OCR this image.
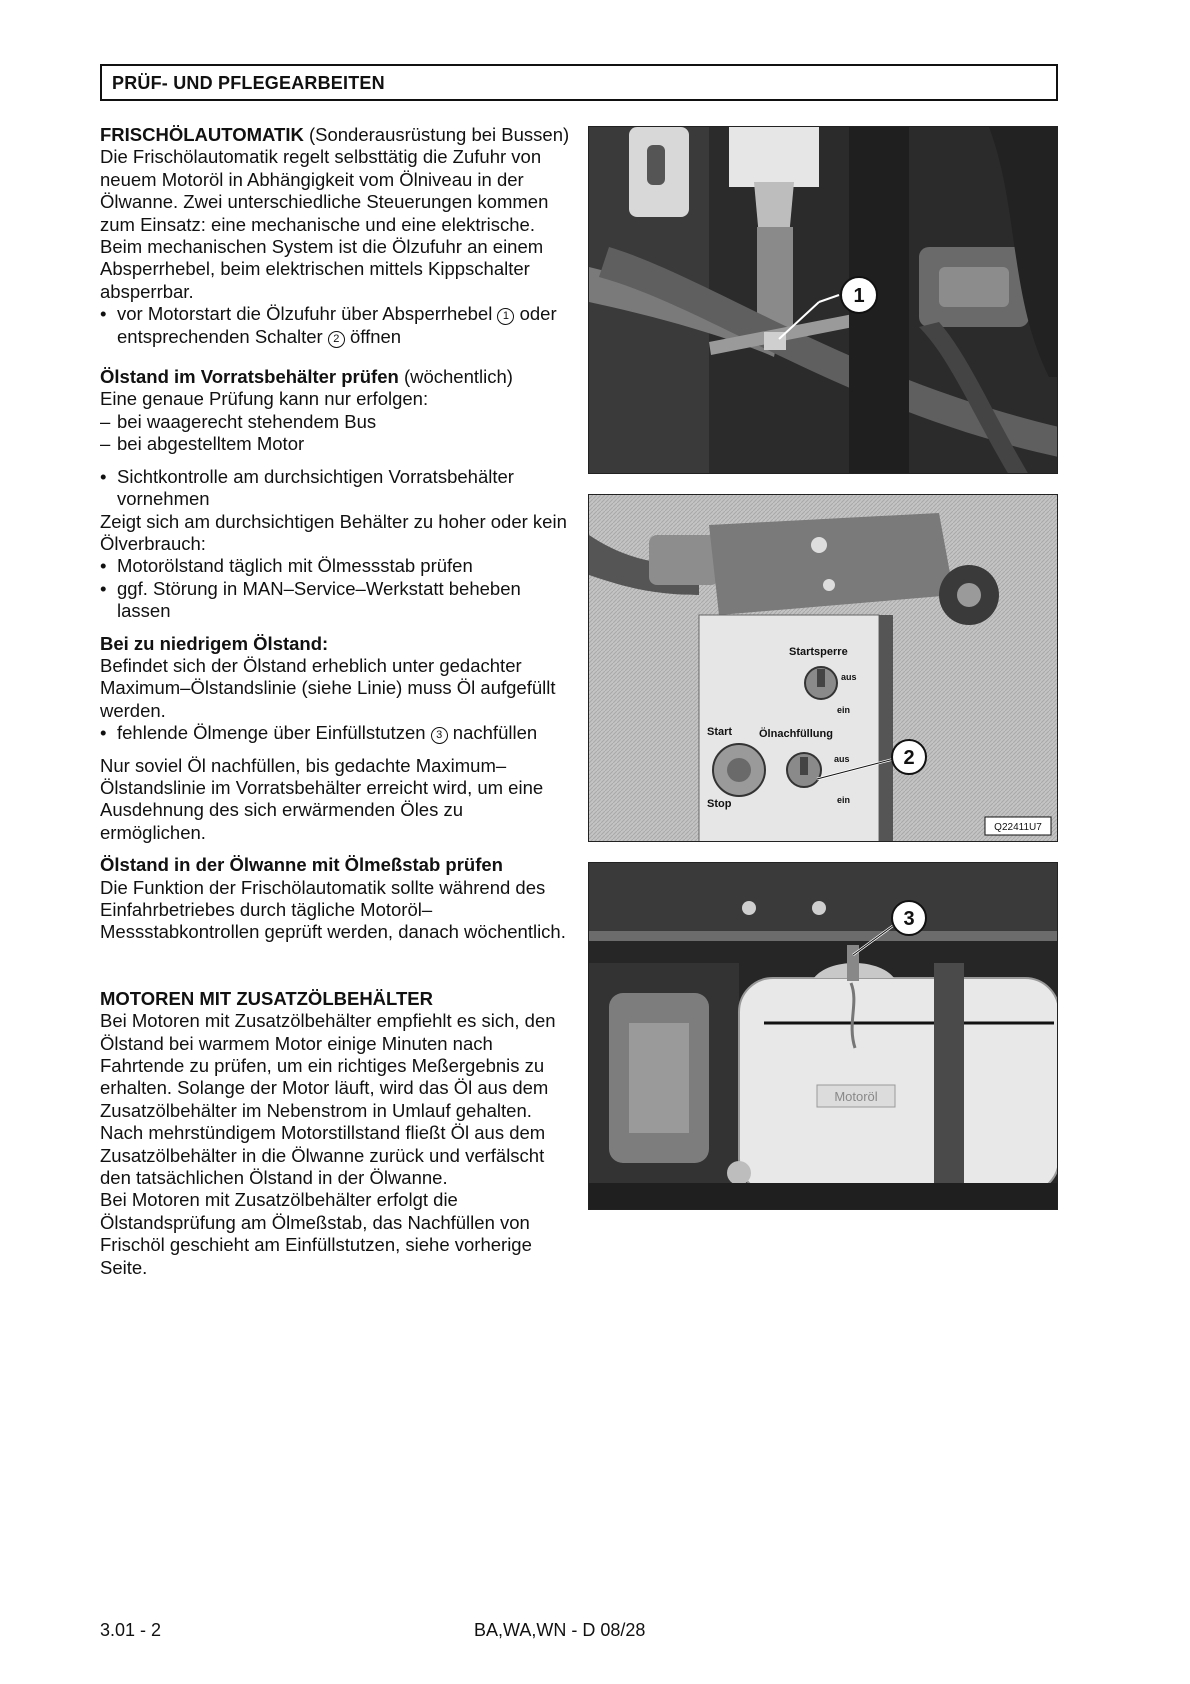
PRÜF- UND PFLEGEARBEITEN

FRISCHÖLAUTOMATIK (Sonderausrüstung bei Bussen)

Die Frischölautomatik regelt selbsttätig die Zufuhr von neuem Motoröl in Abhängigkeit vom Ölniveau in der Ölwanne. Zwei unterschiedliche Steuerungen kommen zum Einsatz: eine mechanische und eine elektrische. Beim mechanischen System ist die Ölzufuhr an einem Absperrhebel, beim elektrischen mittels Kippschalter absperrbar.

• vor Motorstart die Ölzufuhr über Absperrhebel 1 oder entsprechenden Schalter 2 öffnen

Ölstand im Vorratsbehälter prüfen (wöchentlich)

Eine genaue Prüfung kann nur erfolgen:

– bei waagerecht stehendem Bus

– bei abgestelltem Motor

• Sichtkontrolle am durchsichtigen Vorratsbehälter vornehmen

Zeigt sich am durchsichtigen Behälter zu hoher oder kein Ölverbrauch:

• Motorölstand täglich mit Ölmessstab prüfen

• ggf. Störung in MAN–Service–Werkstatt beheben lassen

Bei zu niedrigem Ölstand:

Befindet sich der Ölstand erheblich unter gedachter Maximum–Ölstandslinie (siehe Linie) muss Öl aufgefüllt werden.

• fehlende Ölmenge über Einfüllstutzen 3 nachfüllen

Nur soviel Öl nachfüllen, bis gedachte Maximum–Ölstandslinie im Vorratsbehälter erreicht wird, um eine Ausdehnung des sich erwärmenden Öles zu ermöglichen.

Ölstand in der Ölwanne mit Ölmeßstab prüfen

Die Funktion der Frischölautomatik sollte während des Einfahrbetriebes durch tägliche Motoröl–Messstabkontrollen geprüft werden, danach wöchentlich.

MOTOREN MIT ZUSATZÖLBEHÄLTER

Bei Motoren mit Zusatzölbehälter empfiehlt es sich, den Ölstand bei warmem Motor einige Minuten nach Fahrtende zu prüfen, um ein richtiges Meßergebnis zu erhalten. Solange der Motor läuft, wird das Öl aus dem Zusatzölbehälter im Nebenstrom in Umlauf gehalten. Nach mehrstündigem Motorstillstand fließt Öl aus dem Zusatzölbehälter in die Ölwanne zurück und verfälscht den tatsächlichen Ölstand in der Ölwanne.

Bei Motoren mit Zusatzölbehälter erfolgt die Ölstandsprüfung am Ölmeßstab, das Nachfüllen von Frischöl geschieht am Einfüllstutzen, siehe vorherige Seite.

1
Startsperre
aus
ein
Start Ölnachfüllung
aus
Stop	ein
2
Q22411U7
Motoröl
3
3.01 - 2	BA,WA,WN - D 08/28
